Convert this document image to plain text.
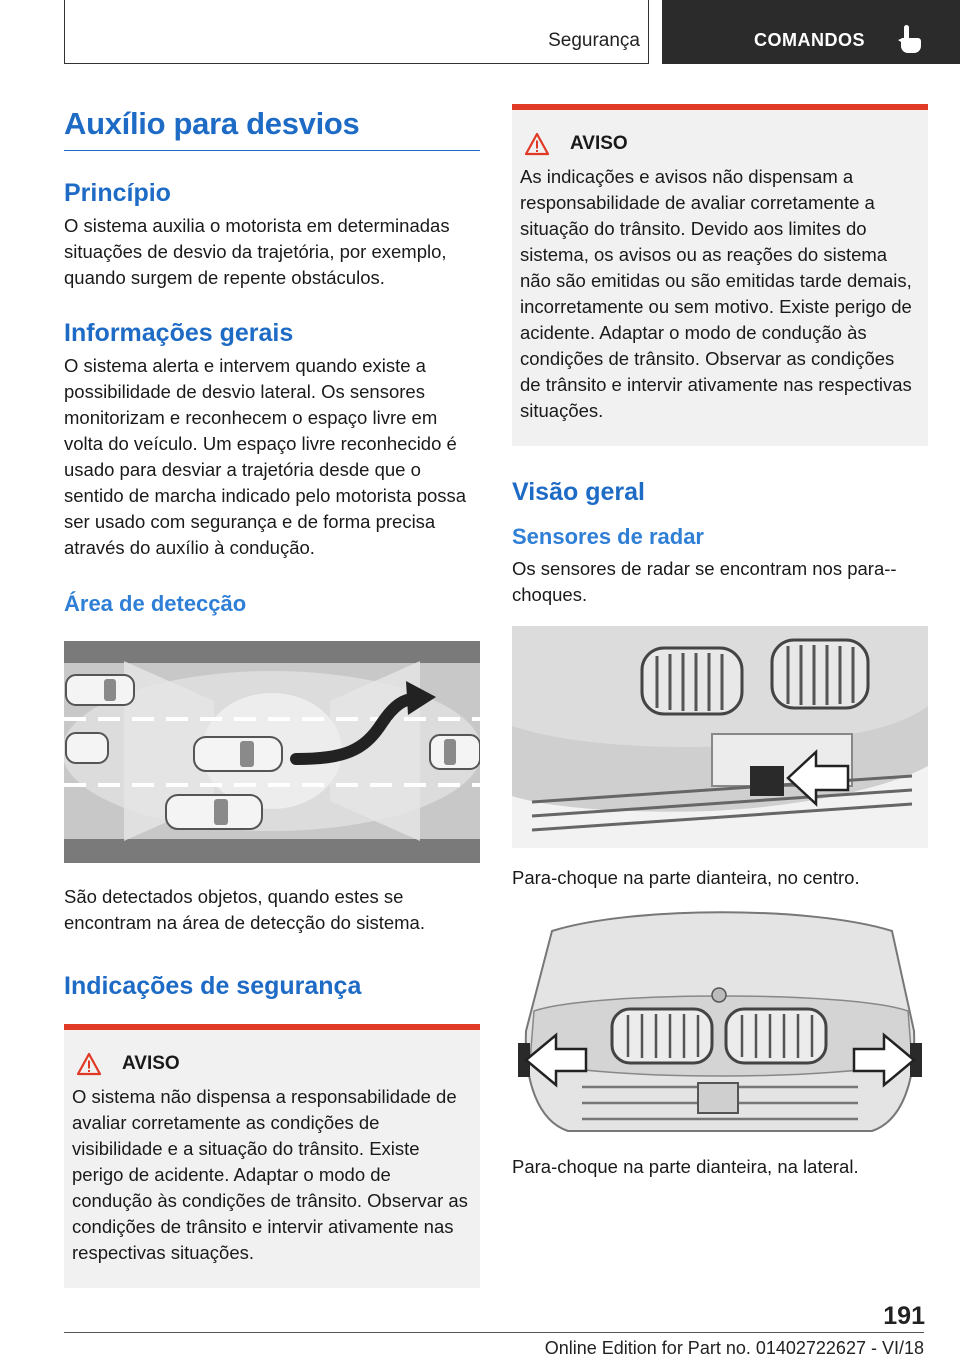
Segurança	COMANDOS
Auxílio para desvios
Princípio

O sistema auxilia o motorista em determinadas situações de desvio da trajetória, por exemplo, quando surgem de repente obstáculos.

Informações gerais

O sistema alerta e intervem quando existe a possibilidade de desvio lateral. Os sensores monitorizam e reconhecem o espaço livre em volta do veículo. Um espaço livre reconhecido é usado para desviar a trajetória desde que o sentido de marcha indicado pelo motorista possa ser usado com segurança e de forma precisa através do auxílio à condução.

Área de detecção

São detectados objetos, quando estes se encontram na área de detecção do sistema.

Indicações de segurança
AVISO

O sistema não dispensa a responsabilidade de avaliar corretamente as condições de visibilidade e a situação do trânsito. Existe perigo de acidente. Adaptar o modo de condução às condições de trânsito. Observar as condições de trânsito e intervir ativamente nas respectivas situações.

AVISO

As indicações e avisos não dispensam a responsabilidade de avaliar corretamente a situação do trânsito. Devido aos limites do sistema, os avisos ou as reações do sistema não são emitidas ou são emitidas tarde demais, incorretamente ou sem motivo. Existe perigo de acidente. Adaptar o modo de condução às condições de trânsito. Observar as condições de trânsito e intervir ativamente nas respectivas situações.

Visão geral
Sensores de radar

Os sensores de radar se encontram nos para--choques.

Para-choque na parte dianteira, no centro.

Para-choque na parte dianteira, na lateral.

191
Online Edition for Part no. 01402722627 - VI/18
